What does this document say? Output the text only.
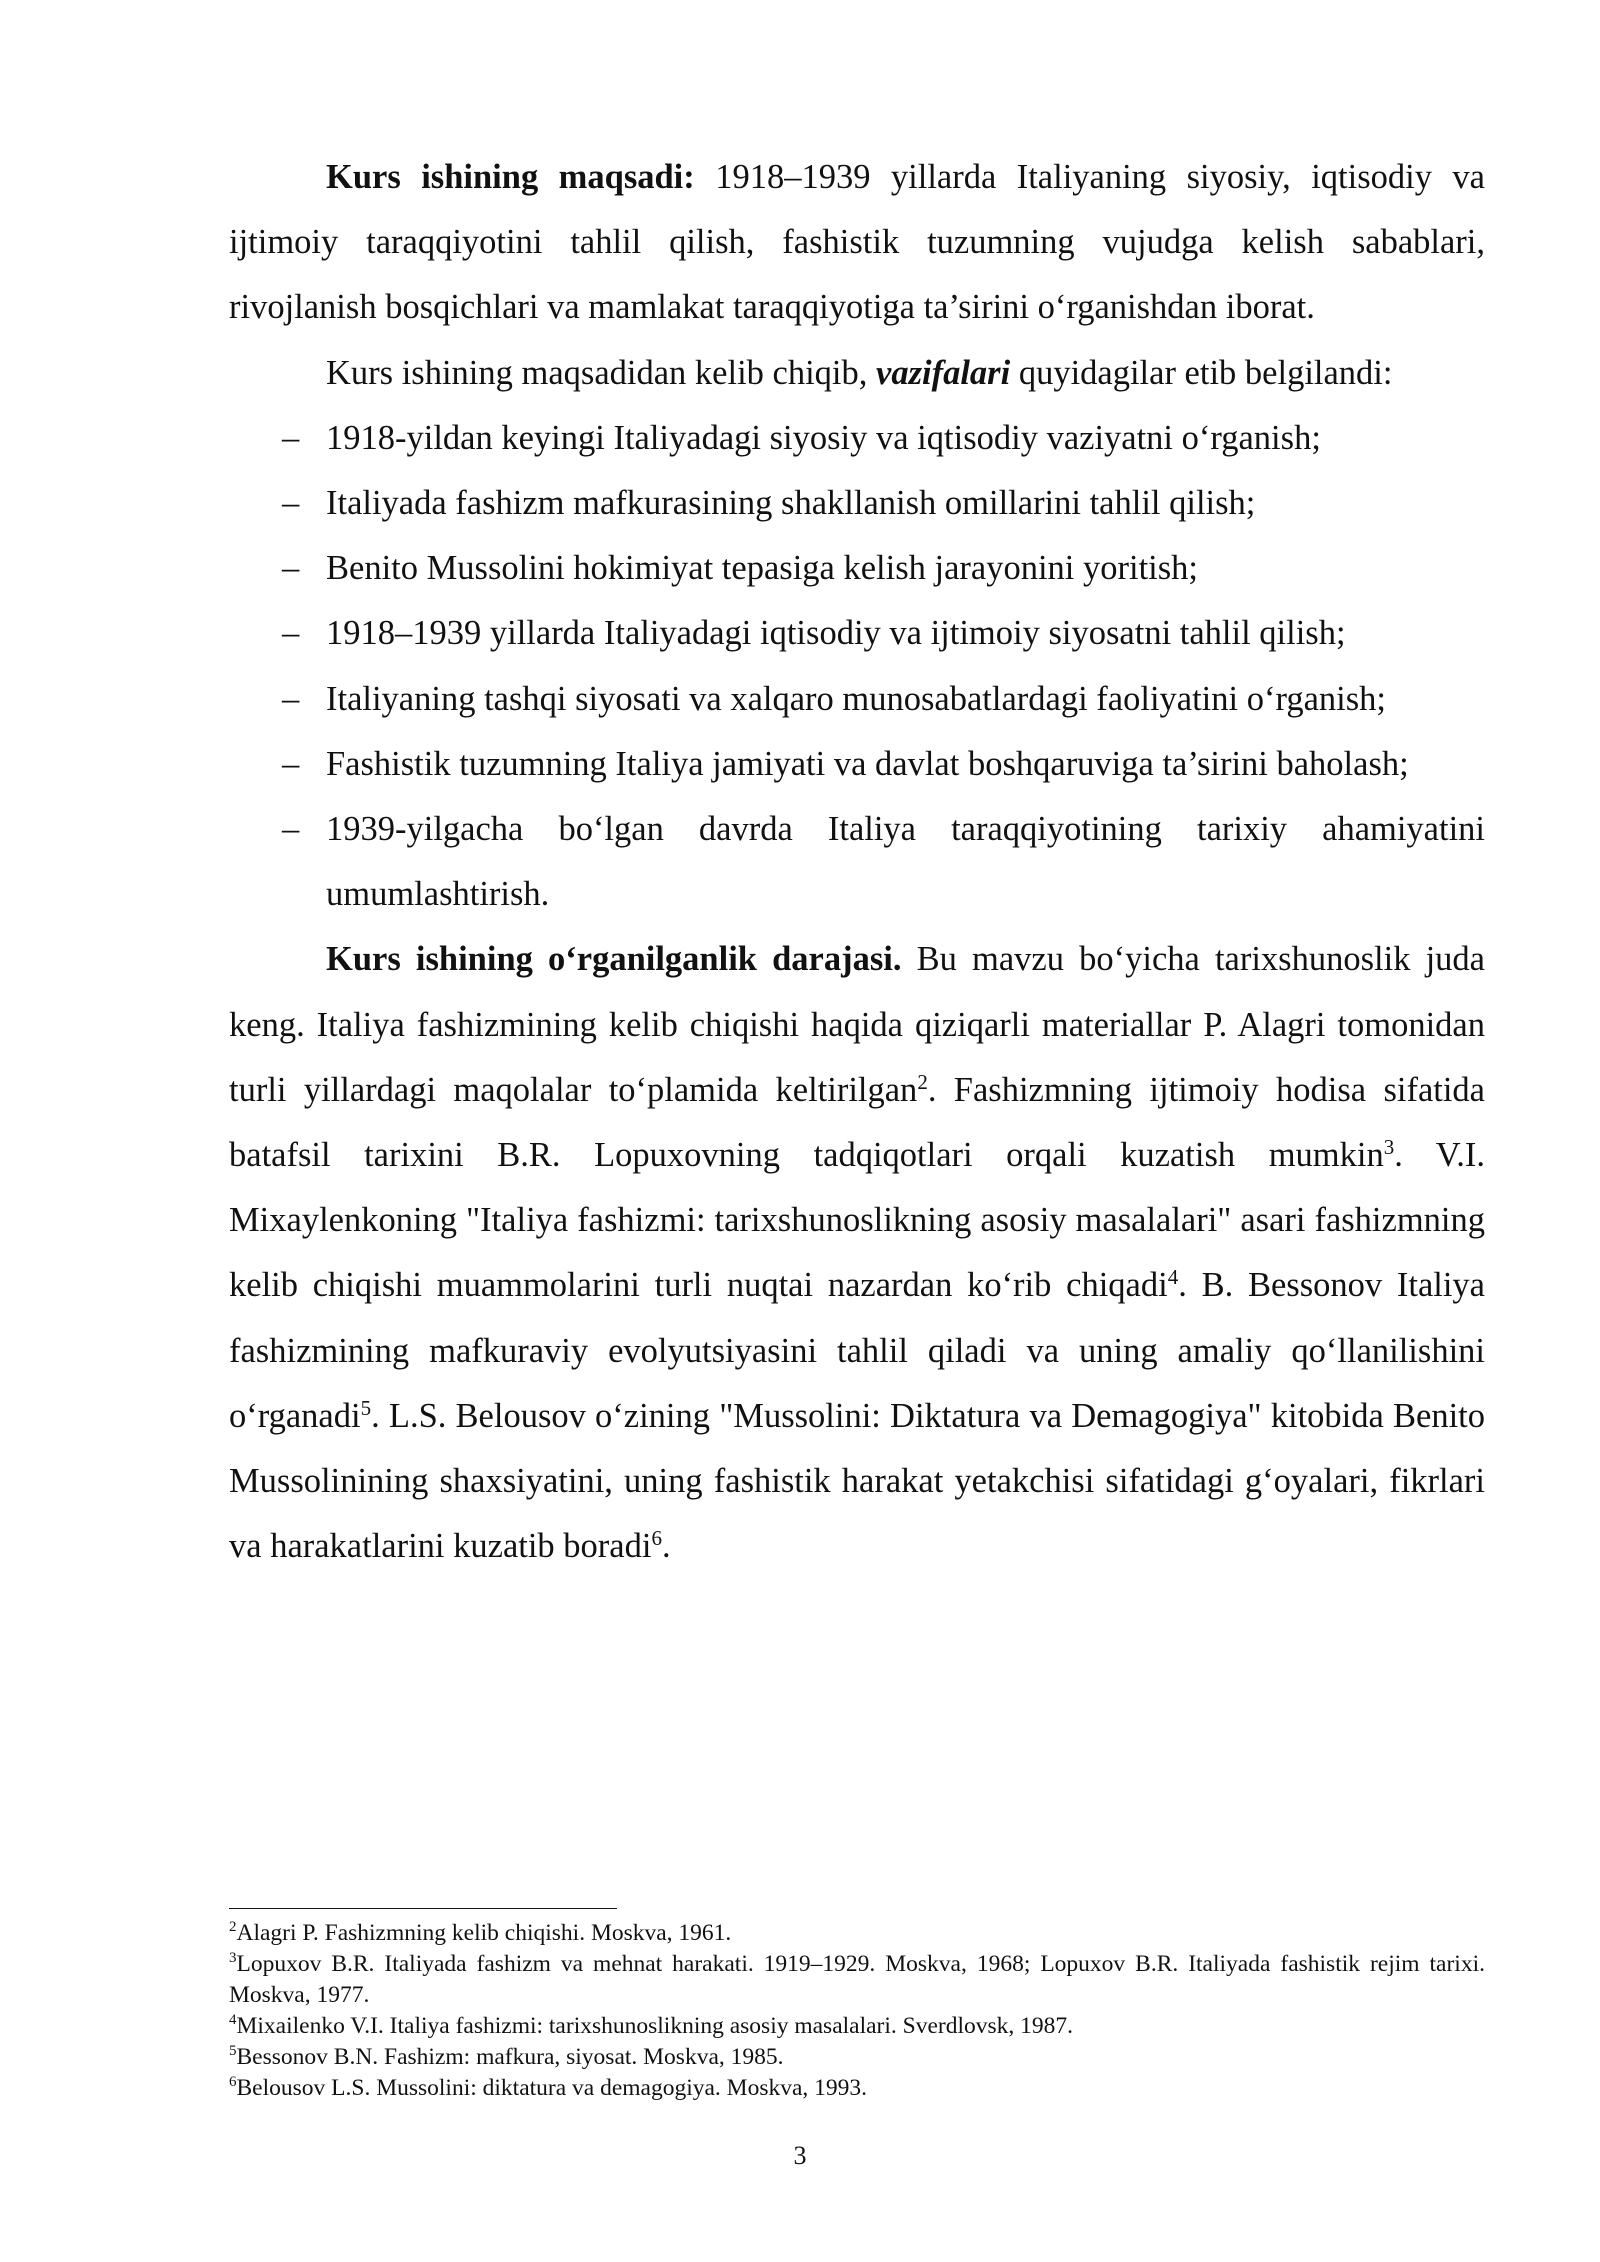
Kurs ishining maqsadi: 1918–1939 yillarda Italiyaning siyosiy, iqtisodiy va ijtimoiy taraqqiyotini tahlil qilish, fashistik tuzumning vujudga kelish sabablari, rivojlanish bosqichlari va mamlakat taraqqiyotiga ta’sirini o‘rganishdan iborat.

Kurs ishining maqsadidan kelib chiqib, vazifalari quyidagilar etib belgilandi:

– 1918-yildan keyingi Italiyadagi siyosiy va iqtisodiy vaziyatni o‘rganish;
– Italiyada fashizm mafkurasining shakllanish omillarini tahlil qilish;
– Benito Mussolini hokimiyat tepasiga kelish jarayonini yoritish;
– 1918–1939 yillarda Italiyadagi iqtisodiy va ijtimoiy siyosatni tahlil qilish;
– Italiyaning tashqi siyosati va xalqaro munosabatlardagi faoliyatini o‘rganish;
– Fashistik tuzumning Italiya jamiyati va davlat boshqaruviga ta’sirini baholash;
– 1939-yilgacha bo‘lgan davrda Italiya taraqqiyotining tarixiy ahamiyatini umumlashtirish.

Kurs ishining o‘rganilganlik darajasi. Bu mavzu bo‘yicha tarixshunoslik juda keng. Italiya fashizmining kelib chiqishi haqida qiziqarli materiallar P. Alagri tomonidan turli yillardagi maqolalar to‘plamida keltirilgan$^2$. Fashizmning ijtimoiy hodisa sifatida batafsil tarixini B.R. Lopuxovning tadqiqotlari orqali kuzatish mumkin$^3$. V.I. Mixaylenkoning "Italiya fashizmi: tarixshunoslikning asosiy masalalari" asari fashizmning kelib chiqishi muammolarini turli nuqtai nazardan ko‘rib chiqadi$^4$. B. Bessonov Italiya fashizmining mafkuraviy evolyutsiyasini tahlil qiladi va uning amaliy qo‘llanilishini o‘rganadi$^5$. L.S. Belousov o‘zining "Mussolini: Diktatura va Demagogiya" kitobida Benito Mussolinining shaxsiyatini, uning fashistik harakat yetakchisi sifatidagi g‘oyalari, fikrlari va harakatlarini kuzatib boradi$^6$.

$^2$Alagri P. Fashizmning kelib chiqishi. Moskva, 1961.

$^3$Lopuxov B.R. Italiyada fashizm va mehnat harakati. 1919–1929. Moskva, 1968; Lopuxov B.R. Italiyada fashistik rejim tarixi. Moskva, 1977.

$^4$Mixailenko V.I. Italiya fashizmi: tarixshunoslikning asosiy masalalari. Sverdlovsk, 1987.

$^5$Bessonov B.N. Fashizm: mafkura, siyosat. Moskva, 1985.

$^6$Belousov L.S. Mussolini: diktatura va demagogiya. Moskva, 1993.

3
